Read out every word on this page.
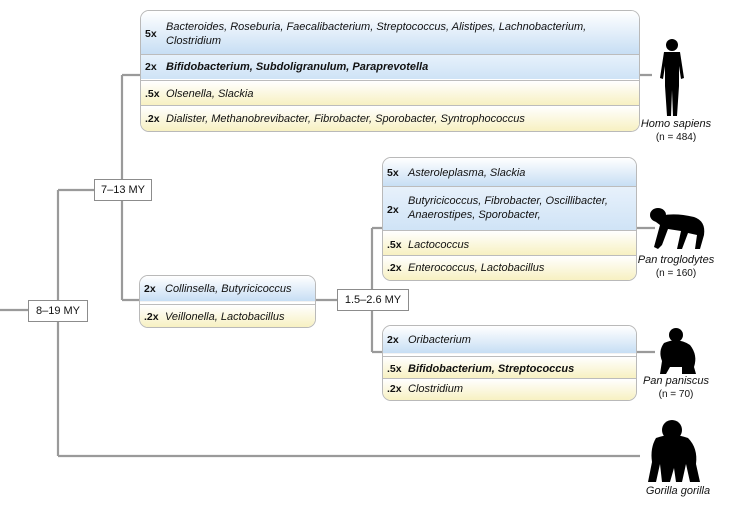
5x
Bacteroides, Roseburia, Faecalibacterium, Streptococcus, Alistipes, Lachnobacterium, Clostridium
2x Bifidobacterium, Subdoligranulum, Paraprevotella
.5x Olsenella, Slackia
.2x Dialister, Methanobrevibacter, Fibrobacter, Sporobacter, Syntrophococcus
2x Collinsella, Butyricicoccus
.2x Veillonella, Lactobacillus
5x Asteroleplasma, Slackia
2x
Butyricicoccus, Fibrobacter, Oscillibacter, Anaerostipes, Sporobacter,
.5x Lactococcus
.2x Enterococcus, Lactobacillus
2x Oribacterium
.5x Bifidobacterium, Streptococcus
.2x Clostridium
8–19 MY
7–13 MY
1.5–2.6 MY
Homo sapiens
(n = 484)
Pan troglodytes
(n = 160)
Pan paniscus
(n = 70)
Gorilla gorilla
